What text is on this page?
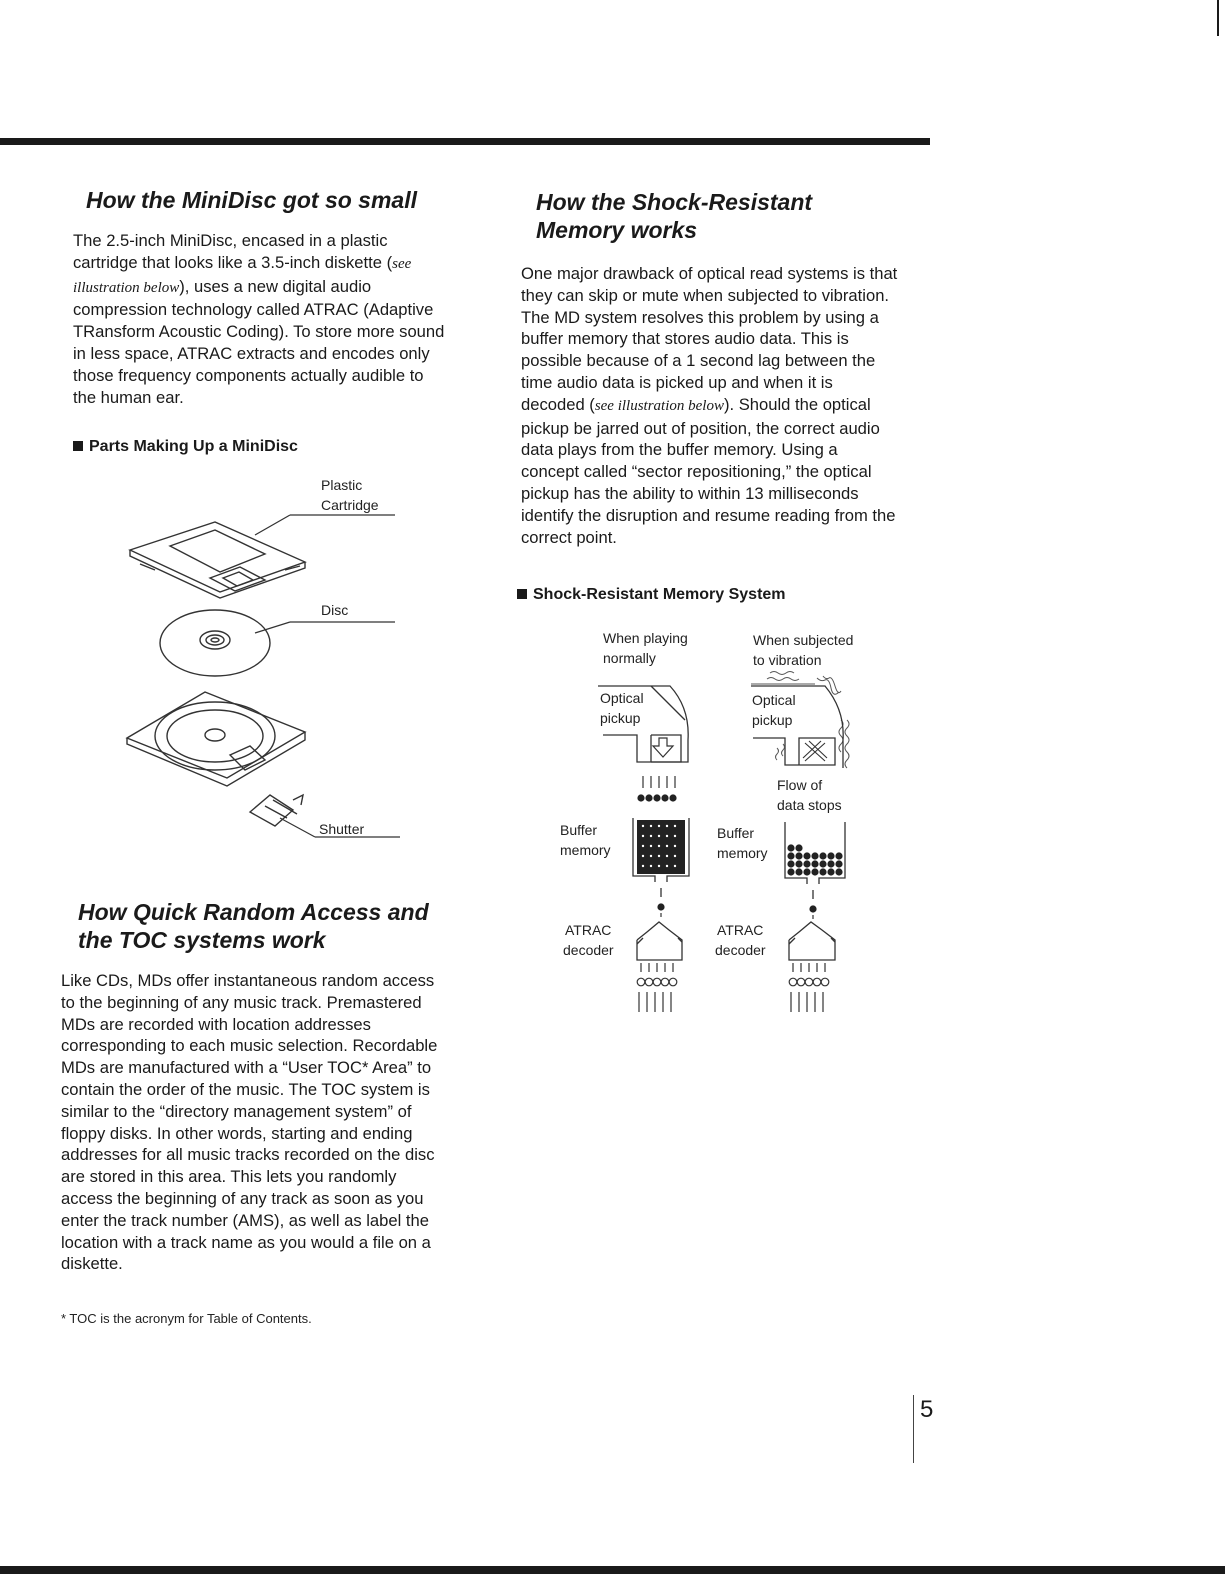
How the MiniDisc got so small

The 2.5-inch MiniDisc, encased in a plastic

cartridge that looks like a 3.5-inch diskette (see

illustration below), uses a new digital audio

compression technology called ATRAC (Adaptive

TRansform Acoustic Coding). To store more sound

in less space, ATRAC extracts and encodes only

those frequency components actually audible to

the human ear.

Parts Making Up a MiniDisc

Plastic
Cartridge
Disc
Shutter
How Quick Random Access and
the TOC systems work

Like CDs, MDs offer instantaneous random access

to the beginning of any music track. Premastered

MDs are recorded with location addresses

corresponding to each music selection. Recordable

MDs are manufactured with a “User TOC* Area” to

contain the order of the music. The TOC system is

similar to the “directory management system” of

floppy disks. In other words, starting and ending

addresses for all music tracks recorded on the disc

are stored in this area. This lets you randomly

access the beginning of any track as soon as you

enter the track number (AMS), as well as label the

location with a track name as you would a file on a

diskette.

* TOC is the acronym for Table of Contents.

How the Shock-Resistant
Memory works

One major drawback of optical read systems is that

they can skip or mute when subjected to vibration.

The MD system resolves this problem by using a

buffer memory that stores audio data. This is

possible because of a 1 second lag between the

time audio data is picked up and when it is

decoded (see illustration below). Should the optical

pickup be jarred out of position, the correct audio

data plays from the buffer memory. Using a

concept called “sector repositioning,” the optical

pickup has the ability to within 13 milliseconds

identify the disruption and resume reading from the

correct point.

Shock-Resistant Memory System

When playing
normally
When subjected
to vibration
Optical
pickup
Buffer
memory
ATRAC
decoder
Optical
pickup
Flow of
data stops
Buffer
memory
ATRAC
decoder
5
